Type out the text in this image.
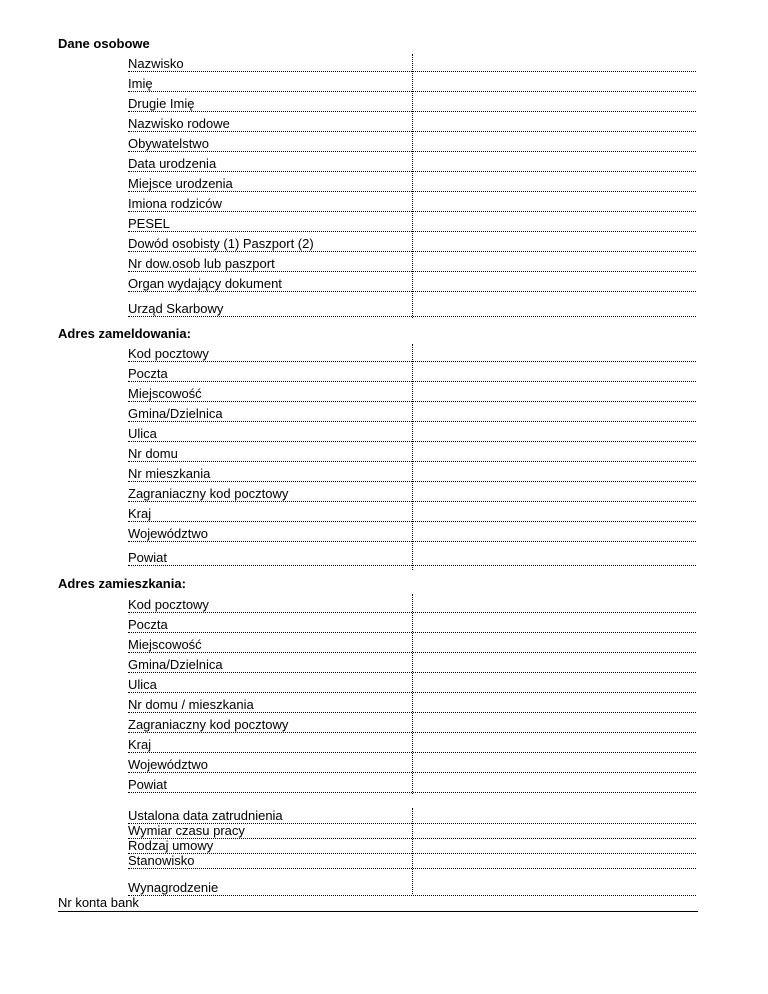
Dane osobowe
Adres zameldowania:
Adres zamieszkania:
Nazwisko
Imię
Drugie Imię
Nazwisko rodowe
Obywatelstwo
Data urodzenia
Miejsce urodzenia
Imiona rodziców
PESEL
Dowód osobisty (1) Paszport (2)
Nr dow.osob lub paszport
Organ wydający dokument
Urząd Skarbowy
Kod pocztowy
Poczta
Miejscowość
Gmina/Dzielnica
Ulica
Nr domu
Nr mieszkania
Zagraniaczny kod pocztowy
Kraj
Województwo
Powiat
Kod pocztowy
Poczta
Miejscowość
Gmina/Dzielnica
Ulica
Nr domu / mieszkania
Zagraniaczny kod pocztowy
Kraj
Województwo
Powiat
Ustalona data zatrudnienia
Wymiar czasu pracy
Rodzaj umowy
Stanowisko
Wynagrodzenie
Nr konta bank
